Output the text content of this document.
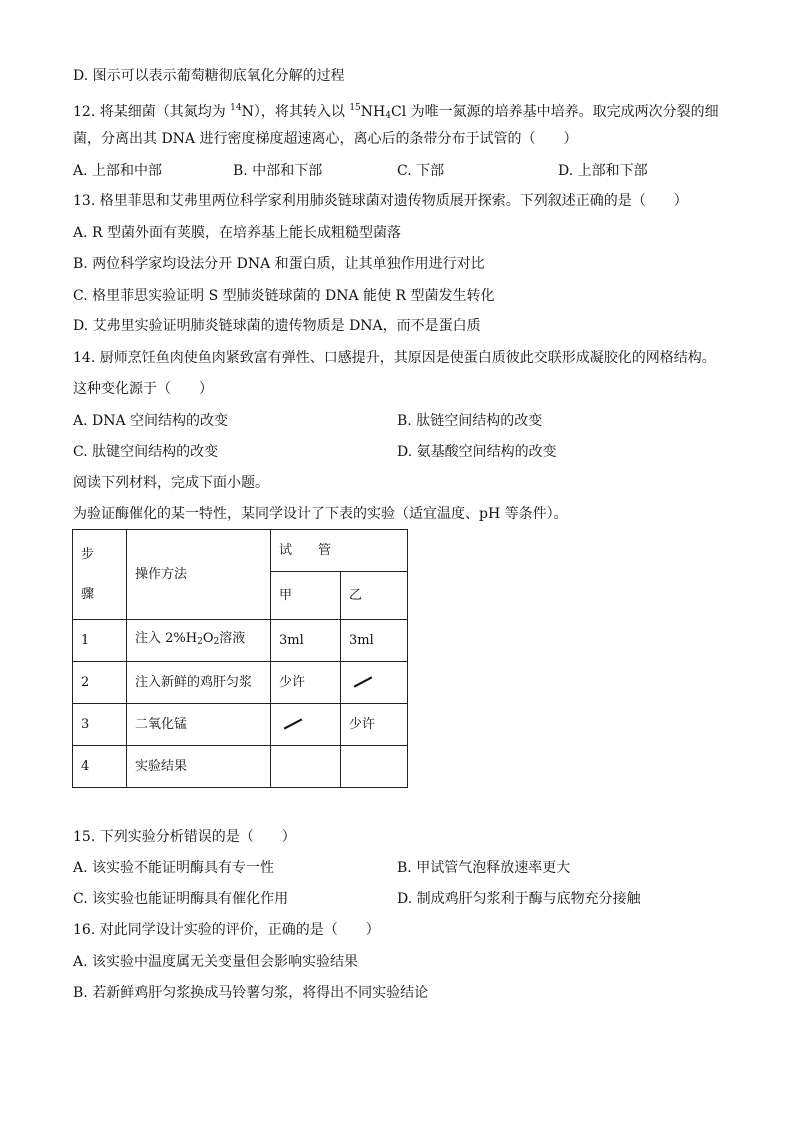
D. 图示可以表示葡萄糖彻底氧化分解的过程
12. 将某细菌（其氮均为 $^{14}$N），将其转入以 $^{15}NH_4Cl$ 为唯一氮源的培养基中培养。取完成两次分裂的细
菌，分离出其 DNA 进行密度梯度超速离心，离心后的条带分布于试管的（　　）
A. 上部和中部	B. 中部和下部	C. 下部	D. 上部和下部
13. 格里菲思和艾弗里两位科学家利用肺炎链球菌对遗传物质展开探索。下列叙述正确的是（　　）
A. R 型菌外面有荚膜，在培养基上能长成粗糙型菌落
B. 两位科学家均设法分开 DNA 和蛋白质，让其单独作用进行对比
C. 格里菲思实验证明 S 型肺炎链球菌的 DNA 能使 R 型菌发生转化
D. 艾弗里实验证明肺炎链球菌的遗传物质是 DNA，而不是蛋白质
14. 厨师烹饪鱼肉使鱼肉紧致富有弹性、口感提升，其原因是使蛋白质彼此交联形成凝胶化的网格结构。
这种变化源于（　　）
A. DNA 空间结构的改变	B. 肽链空间结构的改变
C. 肽键空间结构的改变	D. 氨基酸空间结构的改变
阅读下列材料，完成下面小题。
为验证酶催化的某一特性，某同学设计了下表的实验（适宜温度、pH 等条件）。
步

骤	操作方法	试　　管	
		甲	乙
1	注入 $2\%H_2O_2$溶液	3ml	3ml
2	注入新鲜的鸡肝匀浆	少许	
3	二氧化锰		少许
4	实验结果		
15. 下列实验分析错误的是（　　）
A. 该实验不能证明酶具有专一性	B. 甲试管气泡释放速率更大
C. 该实验也能证明酶具有催化作用	D. 制成鸡肝匀浆利于酶与底物充分接触
16. 对此同学设计实验的评价，正确的是（　　）
A. 该实验中温度属无关变量但会影响实验结果
B. 若新鲜鸡肝匀浆换成马铃薯匀浆，将得出不同实验结论
